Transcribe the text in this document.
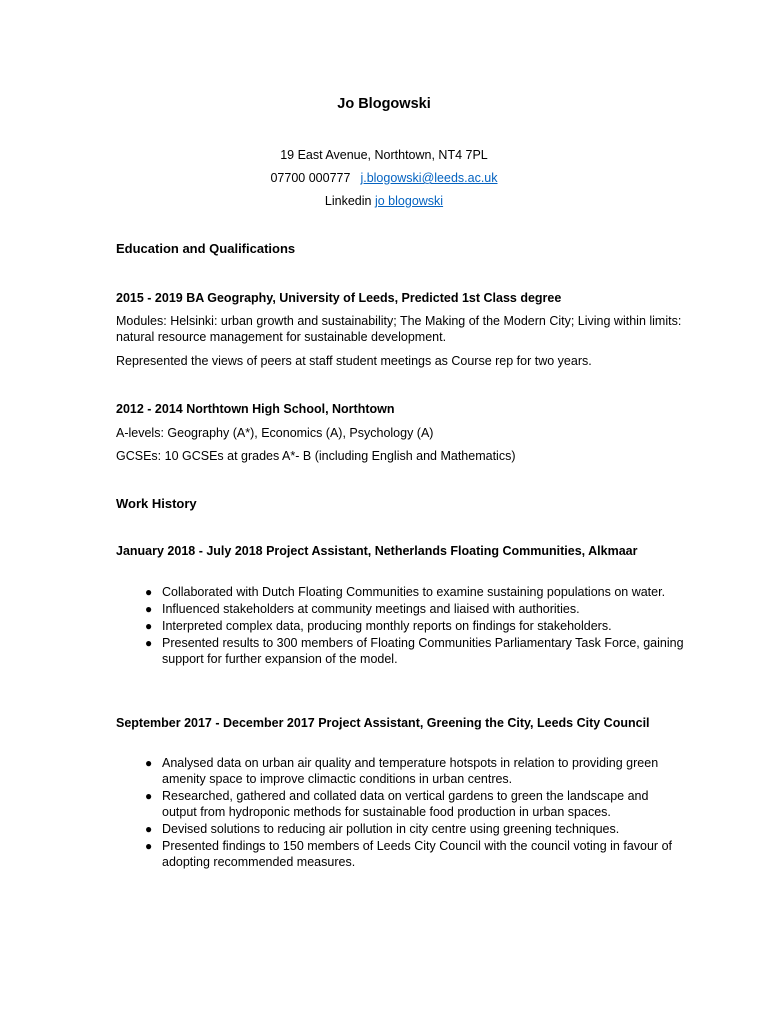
Jo Blogowski
19 East Avenue, Northtown, NT4 7PL
07700 000777 j.blogowski@leeds.ac.uk
Linkedin jo blogowski
Education and Qualifications
2015 - 2019 BA Geography, University of Leeds, Predicted 1st Class degree
Modules: Helsinki: urban growth and sustainability; The Making of the Modern City; Living within limits: natural resource management for sustainable development.
Represented the views of peers at staff student meetings as Course rep for two years.
2012 - 2014 Northtown High School, Northtown
A-levels: Geography (A*), Economics (A), Psychology (A)
GCSEs: 10 GCSEs at grades A*- B (including English and Mathematics)
Work History
January 2018 - July 2018 Project Assistant, Netherlands Floating Communities, Alkmaar
● Collaborated with Dutch Floating Communities to examine sustaining populations on water.
● Influenced stakeholders at community meetings and liaised with authorities.
● Interpreted complex data, producing monthly reports on findings for stakeholders.
● Presented results to 300 members of Floating Communities Parliamentary Task Force, gaining support for further expansion of the model.
September 2017 - December 2017 Project Assistant, Greening the City, Leeds City Council
● Analysed data on urban air quality and temperature hotspots in relation to providing green amenity space to improve climactic conditions in urban centres.
● Researched, gathered and collated data on vertical gardens to green the landscape and output from hydroponic methods for sustainable food production in urban spaces.
● Devised solutions to reducing air pollution in city centre using greening techniques.
● Presented findings to 150 members of Leeds City Council with the council voting in favour of adopting recommended measures.
